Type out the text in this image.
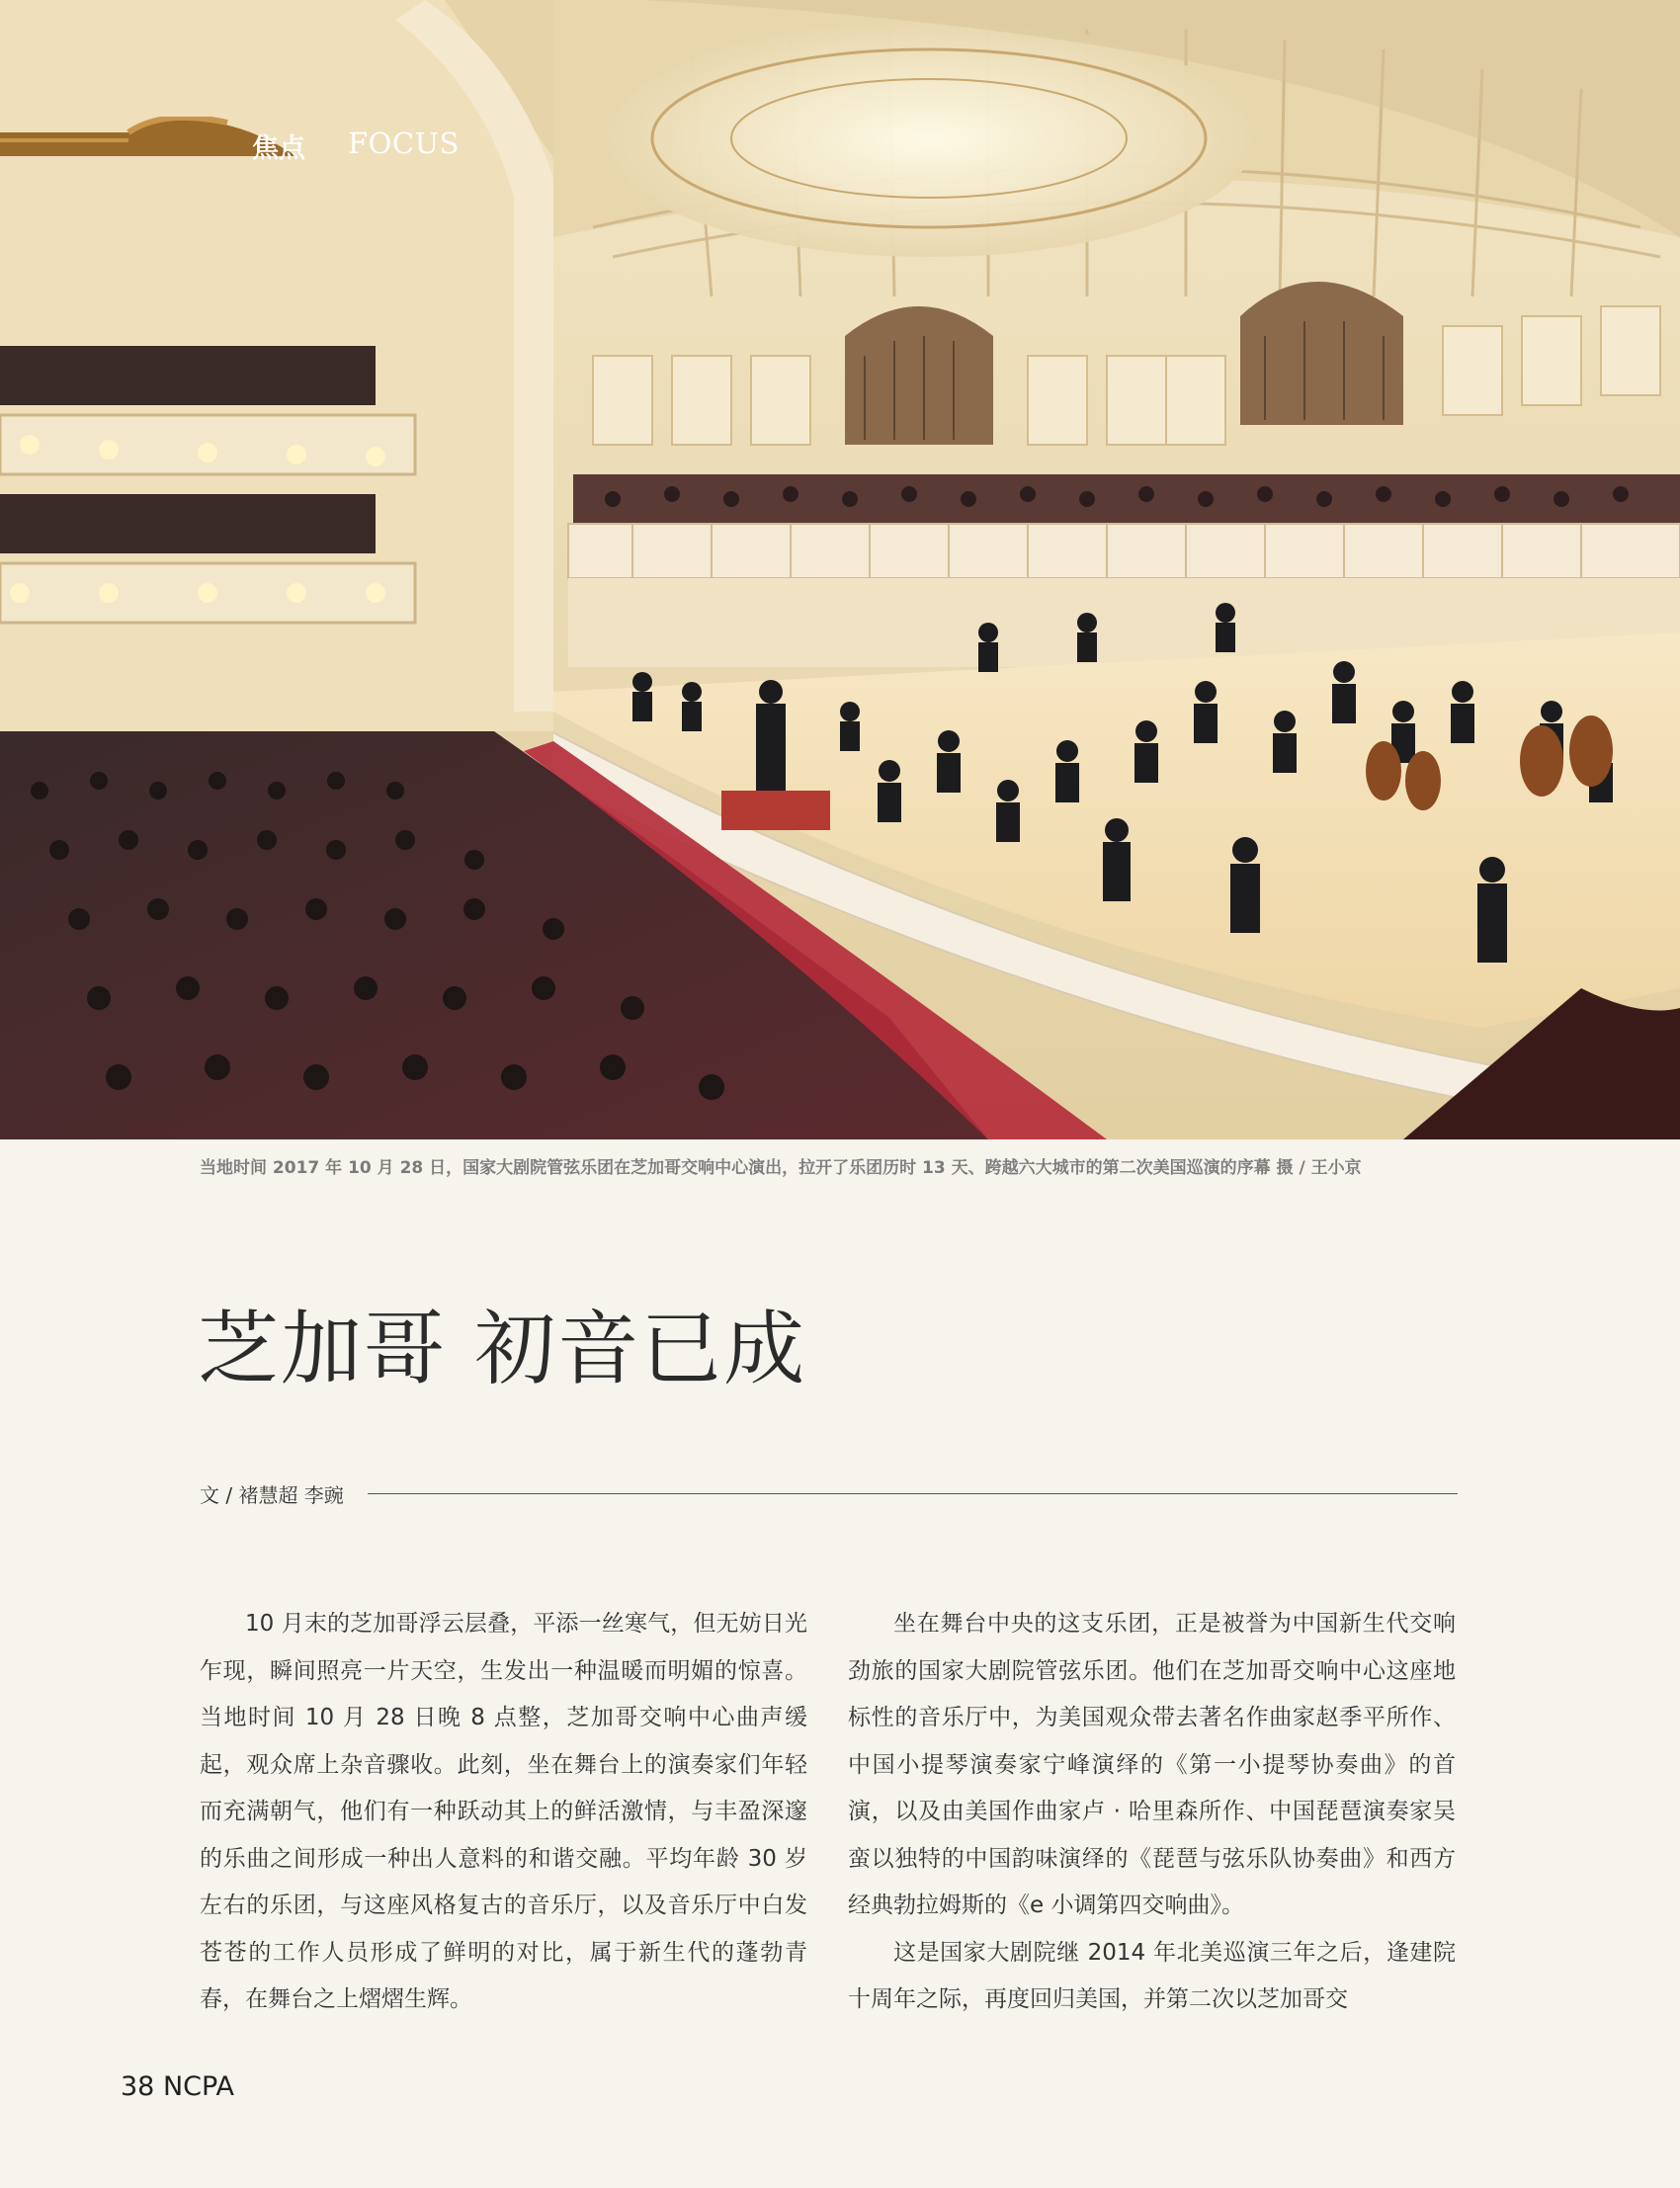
焦点 FOCUS
当地时间 2017 年 10 月 28 日，国家大剧院管弦乐团在芝加哥交响中心演出，拉开了乐团历时 13 天、跨越六大城市的第二次美国巡演的序幕 摄 / 王小京
芝加哥 初音已成
文 / 褚慧超 李豌

10 月末的芝加哥浮云层叠，平添一丝寒气，但无妨日光乍现，瞬间照亮一片天空，生发出一种温暖而明媚的惊喜。当地时间 10 月 28 日晚 8 点整，芝加哥交响中心曲声缓起，观众席上杂音骤收。此刻，坐在舞台上的演奏家们年轻而充满朝气，他们有一种跃动其上的鲜活激情，与丰盈深邃的乐曲之间形成一种出人意料的和谐交融。平均年龄 30 岁左右的乐团，与这座风格复古的音乐厅，以及音乐厅中白发苍苍的工作人员形成了鲜明的对比，属于新生代的蓬勃青春，在舞台之上熠熠生辉。

坐在舞台中央的这支乐团，正是被誉为中国新生代交响劲旅的国家大剧院管弦乐团。他们在芝加哥交响中心这座地标性的音乐厅中，为美国观众带去著名作曲家赵季平所作、中国小提琴演奏家宁峰演绎的《第一小提琴协奏曲》的首演，以及由美国作曲家卢 · 哈里森所作、中国琵琶演奏家吴蛮以独特的中国韵味演绎的《琵琶与弦乐队协奏曲》和西方经典勃拉姆斯的《e 小调第四交响曲》。

这是国家大剧院继 2014 年北美巡演三年之后，逢建院十周年之际，再度回归美国，并第二次以芝加哥交

38 NCPA
